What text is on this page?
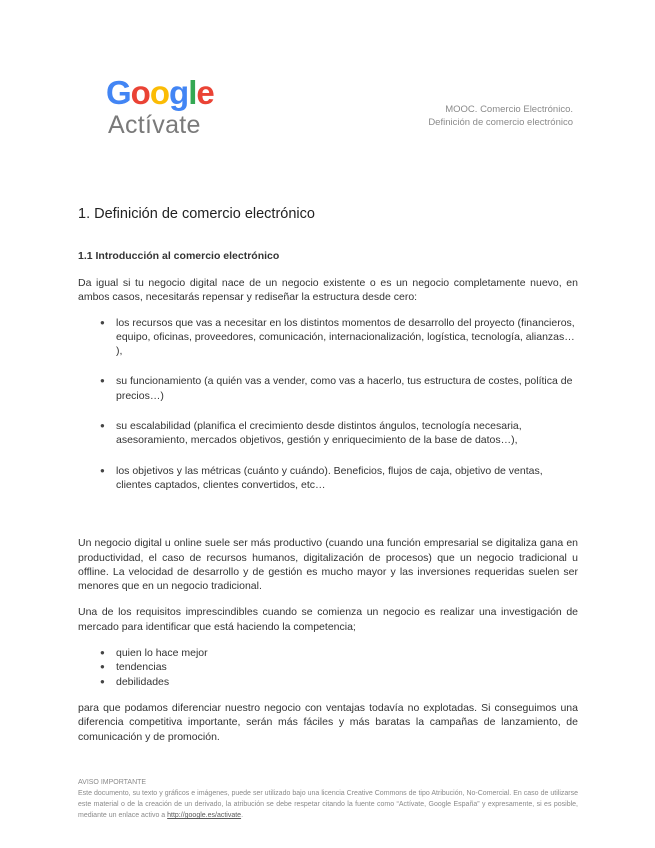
Google
Actívate
MOOC. Comercio Electrónico.
Definición de comercio electrónico
1. Definición de comercio electrónico
1.1 Introducción al comercio electrónico

Da igual si tu negocio digital nace de un negocio existente o es un negocio completamente nuevo, en ambos casos, necesitarás repensar y rediseñar la estructura desde cero:

● los recursos que vas a necesitar en los distintos momentos de desarrollo del proyecto (financieros, equipo, oficinas, proveedores, comunicación, internacionalización, logística, tecnología, alianzas… ),
● su funcionamiento (a quién vas a vender, como vas a hacerlo, tus estructura de costes, política de precios…)
● su escalabilidad (planifica el crecimiento desde distintos ángulos, tecnología necesaria, asesoramiento, mercados objetivos, gestión y enriquecimiento de la base de datos…),
● los objetivos y las métricas (cuánto y cuándo). Beneficios, flujos de caja, objetivo de ventas, clientes captados, clientes convertidos, etc…

Un negocio digital u online suele ser más productivo (cuando una función empresarial se digitaliza gana en productividad, el caso de recursos humanos, digitalización de procesos) que un negocio tradicional u offline. La velocidad de desarrollo y de gestión es mucho mayor y las inversiones requeridas suelen ser menores que en un negocio tradicional.

Una de los requisitos imprescindibles cuando se comienza un negocio es realizar una investigación de mercado para identificar que está haciendo la competencia;

● quien lo hace mejor
● tendencias
● debilidades

para que podamos diferenciar nuestro negocio con ventajas todavía no explotadas. Si conseguimos una diferencia competitiva importante, serán más fáciles y más baratas la campañas de lanzamiento, de comunicación y de promoción.

AVISO IMPORTANTE
Este documento, su texto y gráficos e imágenes, puede ser utilizado bajo una licencia Creative Commons de tipo Atribución, No-Comercial. En caso de utilizarse este material o de la creación de un derivado, la atribución se debe respetar citando la fuente como “Actívate, Google España” y expresamente, si es posible, mediante un enlace activo a http://google.es/activate.
